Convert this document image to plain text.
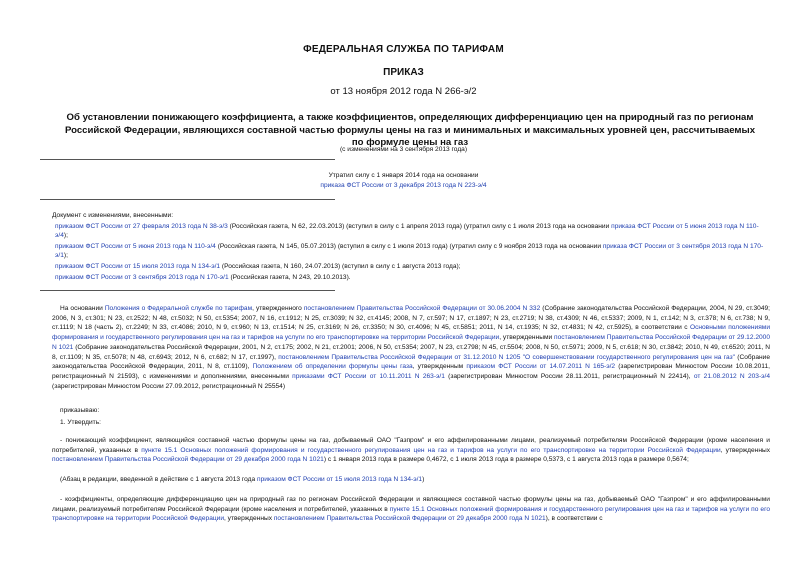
ФЕДЕРАЛЬНАЯ СЛУЖБА ПО ТАРИФАМ
ПРИКАЗ
от 13 ноября 2012 года N 266-э/2
Об установлении понижающего коэффициента, а также коэффициентов, определяющих дифференциацию цен на природный газ по регионам Российской Федерации, являющихся составной частью формулы цены на газ и минимальных и максимальных уровней цен, рассчитываемых по формуле цены на газ
(с изменениями на 3 сентября 2013 года)
Утратил силу с 1 января 2014 года на основании
приказа ФСТ России от 3 декабря 2013 года N 223-э/4

Документ с изменениями, внесенными:

приказом ФСТ России от 27 февраля 2013 года N 38-э/3 (Российская газета, N 62, 22.03.2013) (вступил в силу с 1 апреля 2013 года) (утратил силу с 1 июля 2013 года на основании приказа ФСТ России от 5 июня 2013 года N 110-э/4);

приказом ФСТ России от 5 июня 2013 года N 110-э/4 (Российская газета, N 145, 05.07.2013) (вступил в силу с 1 июля 2013 года) (утратил силу с 9 ноября 2013 года на основании приказа ФСТ России от 3 сентября 2013 года N 170-э/1);

приказом ФСТ России от 15 июля 2013 года N 134-э/1 (Российская газета, N 160, 24.07.2013) (вступил в силу с 1 августа 2013 года);

приказом ФСТ России от 3 сентября 2013 года N 170-э/1 (Российская газета, N 243, 29.10.2013).

На основании Положения о Федеральной службе по тарифам, утвержденного постановлением Правительства Российской Федерации от 30.06.2004 N 332 (Собрание законодательства Российской Федерации, 2004, N 29, ст.3049; 2006, N 3, ст.301; N 23, ст.2522; N 48, ст.5032; N 50, ст.5354; 2007, N 16, ст.1912; N 25, ст.3039; N 32, ст.4145; 2008, N 7, ст.597; N 17, ст.1897; N 23, ст.2719; N 38, ст.4309; N 46, ст.5337; 2009, N 1, ст.142; N 3, ст.378; N 6, ст.738; N 9, ст.1119; N 18 (часть 2), ст.2249; N 33, ст.4086; 2010, N 9, ст.960; N 13, ст.1514; N 25, ст.3169; N 26, ст.3350; N 30, ст.4096; N 45, ст.5851; 2011, N 14, ст.1935; N 32, ст.4831; N 42, ст.5925), в соответствии с Основными положениями формирования и государственного регулирования цен на газ и тарифов на услуги по его транспортировке на территории Российской Федерации, утвержденными постановлением Правительства Российской Федерации от 29.12.2000 N 1021 (Собрание законодательства Российской Федерации, 2001, N 2, ст.175; 2002, N 21, ст.2001; 2006, N 50, ст.5354; 2007, N 23, ст.2798; N 45, ст.5504; 2008, N 50, ст.5971; 2009, N 5, ст.618; N 30, ст.3842; 2010, N 49, ст.6520; 2011, N 8, ст.1109; N 35, ст.5078; N 48, ст.6943; 2012, N 6, ст.682; N 17, ст.1997), постановлением Правительства Российской Федерации от 31.12.2010 N 1205 "О совершенствовании государственного регулирования цен на газ" (Собрание законодательства Российской Федерации, 2011, N 8, ст.1109), Положением об определении формулы цены газа, утвержденным приказом ФСТ России от 14.07.2011 N 165-э/2 (зарегистрирован Минюстом России 10.08.2011, регистрационный N 21593), с изменениями и дополнениями, внесенными приказами ФСТ России от 10.11.2011 N 263-э/1 (зарегистрирован Минюстом России 28.11.2011, регистрационный N 22414), от 21.08.2012 N 203-э/4 (зарегистрирован Минюстом России 27.09.2012, регистрационный N 25554)

приказываю:

1. Утвердить:

- понижающий коэффициент, являющийся составной частью формулы цены на газ, добываемый ОАО "Газпром" и его аффилированными лицами, реализуемый потребителям Российской Федерации (кроме населения и потребителей, указанных в пункте 15.1 Основных положений формирования и государственного регулирования цен на газ и тарифов на услуги по его транспортировке на территории Российской Федерации, утвержденных постановлением Правительства Российской Федерации от 29 декабря 2000 года N 1021) с 1 января 2013 года в размере 0,4672, с 1 июля 2013 года в размере 0,5373, с 1 августа 2013 года в размере 0,5674;

(Абзац в редакции, введенной в действие с 1 августа 2013 года приказом ФСТ России от 15 июля 2013 года N 134-э/1)

- коэффициенты, определяющие дифференциацию цен на природный газ по регионам Российской Федерации и являющиеся составной частью формулы цены на газ, добываемый ОАО "Газпром" и его аффилированными лицами, реализуемый потребителям Российской Федерации (кроме населения и потребителей, указанных в пункте 15.1 Основных положений формирования и государственного регулирования цен на газ и тарифов на услуги по его транспортировке на территории Российской Федерации, утвержденных постановлением Правительства Российской Федерации от 29 декабря 2000 года N 1021), в соответствии с
